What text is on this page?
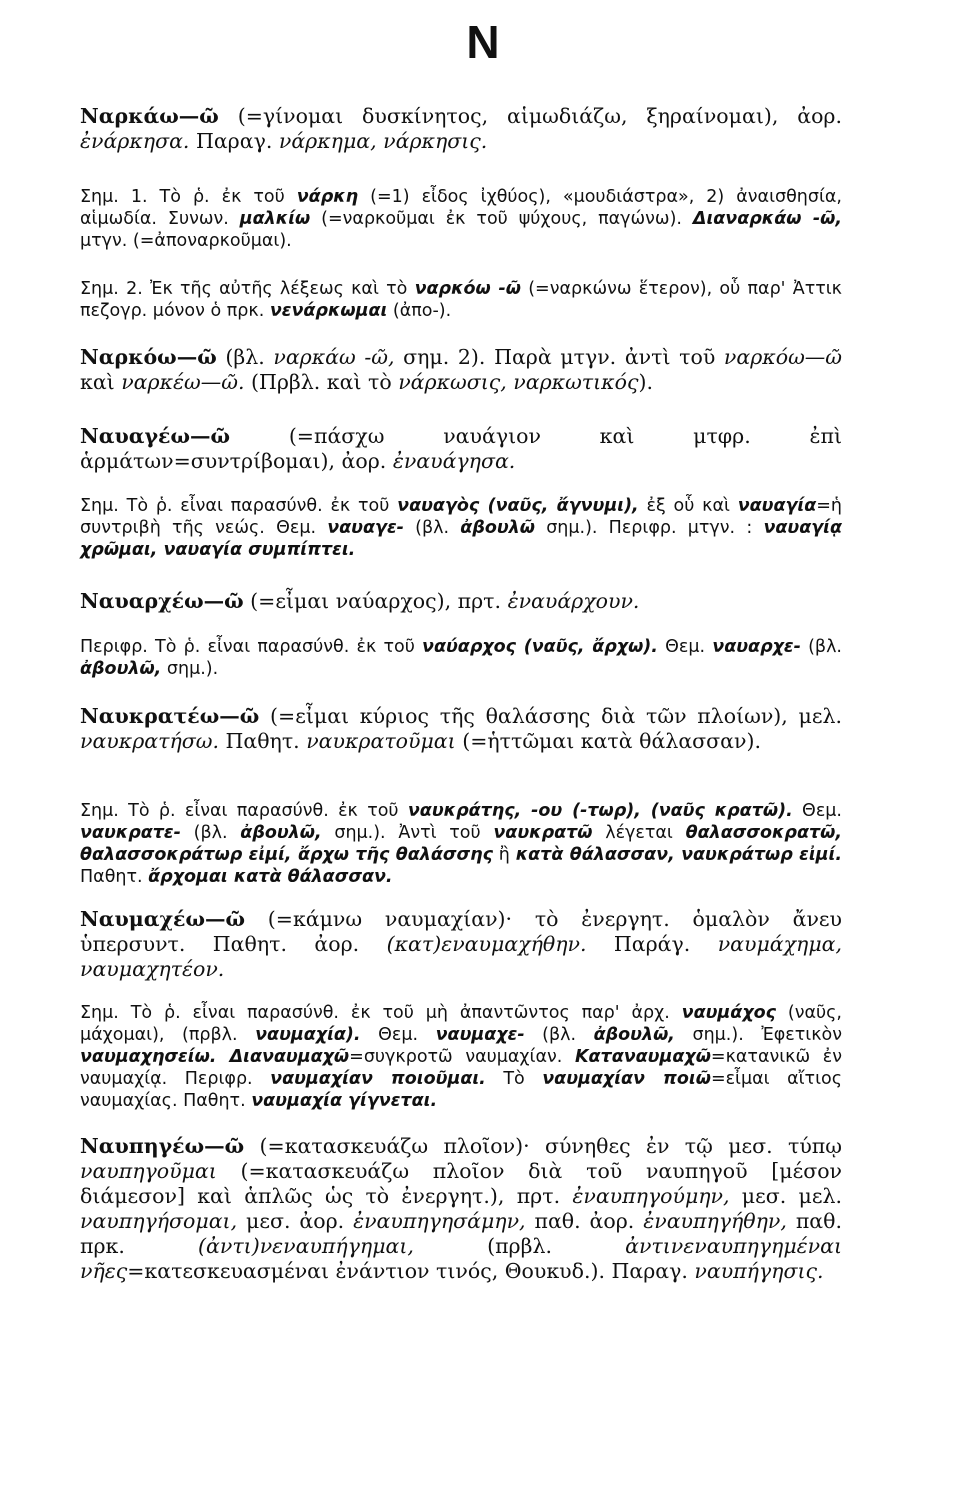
N

Ναρκάω—ῶ (=γίνομαι δυσκίνητος, αἱμωδιάζω, ξηραίνομαι), ἀορ. ἐνάρκησα. Παραγ. νάρκημα, νάρκησις.

Σημ. 1. Τὸ ῥ. ἐκ τοῦ νάρκη (=1) εἶδος ἰχθύος), «μουδιάστρα», 2) ἀναισθησία, αἱμωδία. Συνων. μαλκίω (=ναρκοῦμαι ἐκ τοῦ ψύχους, παγώνω). Διαναρκάω -ῶ, μτγν. (=ἀποναρκοῦμαι).

Σημ. 2. Ἐκ τῆς αὐτῆς λέξεως καὶ τὸ ναρκόω -ῶ (=ναρκώνω ἕτερον), οὗ παρ' Ἀττικ πεζογρ. μόνον ὁ πρκ. νενάρκωμαι (ἀπο-).

Ναρκόω—ῶ (βλ. ναρκάω -ῶ, σημ. 2). Παρὰ μτγν. ἀντὶ τοῦ ναρκόω—ῶ καὶ ναρκέω—ῶ. (Πρβλ. καὶ τὸ νάρκωσις, ναρκωτικός).

Ναυαγέω—ῶ (=πάσχω ναυάγιον καὶ μτφρ. ἐπὶ ἁρμάτων=συντρίβομαι), ἀορ. ἐναυάγησα.

Σημ. Τὸ ῥ. εἶναι παρασύνθ. ἐκ τοῦ ναυαγὸς (ναῦς, ἄγνυμι), ἐξ οὗ καὶ ναυαγία=ἡ συντριβὴ τῆς νεώς. Θεμ. ναυαγε- (βλ. ἀβουλῶ σημ.). Περιφρ. μτγν. : ναυαγίᾳ χρῶμαι, ναυαγία συμπίπτει.

Ναυαρχέω—ῶ (=εἶμαι ναύαρχος), πρτ. ἐναυάρχουν.

Περιφρ. Τὸ ῥ. εἶναι παρασύνθ. ἐκ τοῦ ναύαρχος (ναῦς, ἄρχω). Θεμ. ναυαρχε- (βλ. ἀβουλῶ, σημ.).

Ναυκρατέω—ῶ (=εἶμαι κύριος τῆς θαλάσσης διὰ τῶν πλοίων), μελ. ναυκρατήσω. Παθητ. ναυκρατοῦμαι (=ἡττῶμαι κατὰ θάλασσαν).

Σημ. Τὸ ῥ. εἶναι παρασύνθ. ἐκ τοῦ ναυκράτης, -ου (-τωρ), (ναῦς κρατῶ). Θεμ. ναυκρατε- (βλ. ἀβουλῶ, σημ.). Ἀντὶ τοῦ ναυκρατῶ λέγεται θαλασσοκρατῶ, θαλασσοκράτωρ εἰμί, ἄρχω τῆς θαλάσσης ἢ κατὰ θάλασσαν, ναυκράτωρ εἰμί. Παθητ. ἄρχομαι κατὰ θάλασσαν.

Ναυμαχέω—ῶ (=κάμνω ναυμαχίαν)· τὸ ἐνεργητ. ὁμαλὸν ἄνευ ὑπερσυντ. Παθητ. ἀορ. (κατ)εναυμαχήθην. Παράγ. ναυμάχημα, ναυμαχητέον.

Σημ. Τὸ ῥ. εἶναι παρασύνθ. ἐκ τοῦ μὴ ἀπαντῶντος παρ' ἀρχ. ναυμάχος (ναῦς, μάχομαι), (πρβλ. ναυμαχία). Θεμ. ναυμαχε- (βλ. ἀβουλῶ, σημ.). Ἐφετικὸν ναυμαχησείω. Διαναυμαχῶ=συγκροτῶ ναυμαχίαν. Καταναυμαχῶ=κατανικῶ ἐν ναυμαχίᾳ. Περιφρ. ναυμαχίαν ποιοῦμαι. Τὸ ναυμαχίαν ποιῶ=εἶμαι αἴτιος ναυμαχίας. Παθητ. ναυμαχία γίγνεται.

Ναυπηγέω—ῶ (=κατασκευάζω πλοῖον)· σύνηθες ἐν τῷ μεσ. τύπῳ ναυπηγοῦμαι (=κατασκευάζω πλοῖον διὰ τοῦ ναυπηγοῦ [μέσον διάμεσον] καὶ ἁπλῶς ὡς τὸ ἐνεργητ.), πρτ. ἐναυπηγούμην, μεσ. μελ. ναυπηγήσομαι, μεσ. ἀορ. ἐναυπηγησάμην, παθ. ἀορ. ἐναυπηγήθην, παθ. πρκ. (ἀντι)νεναυπήγημαι, (πρβλ. ἀντινεναυπηγημέναι νῆες=κατεσκευασμέναι ἐνάντιον τινός, Θουκυδ.). Παραγ. ναυπήγησις.
